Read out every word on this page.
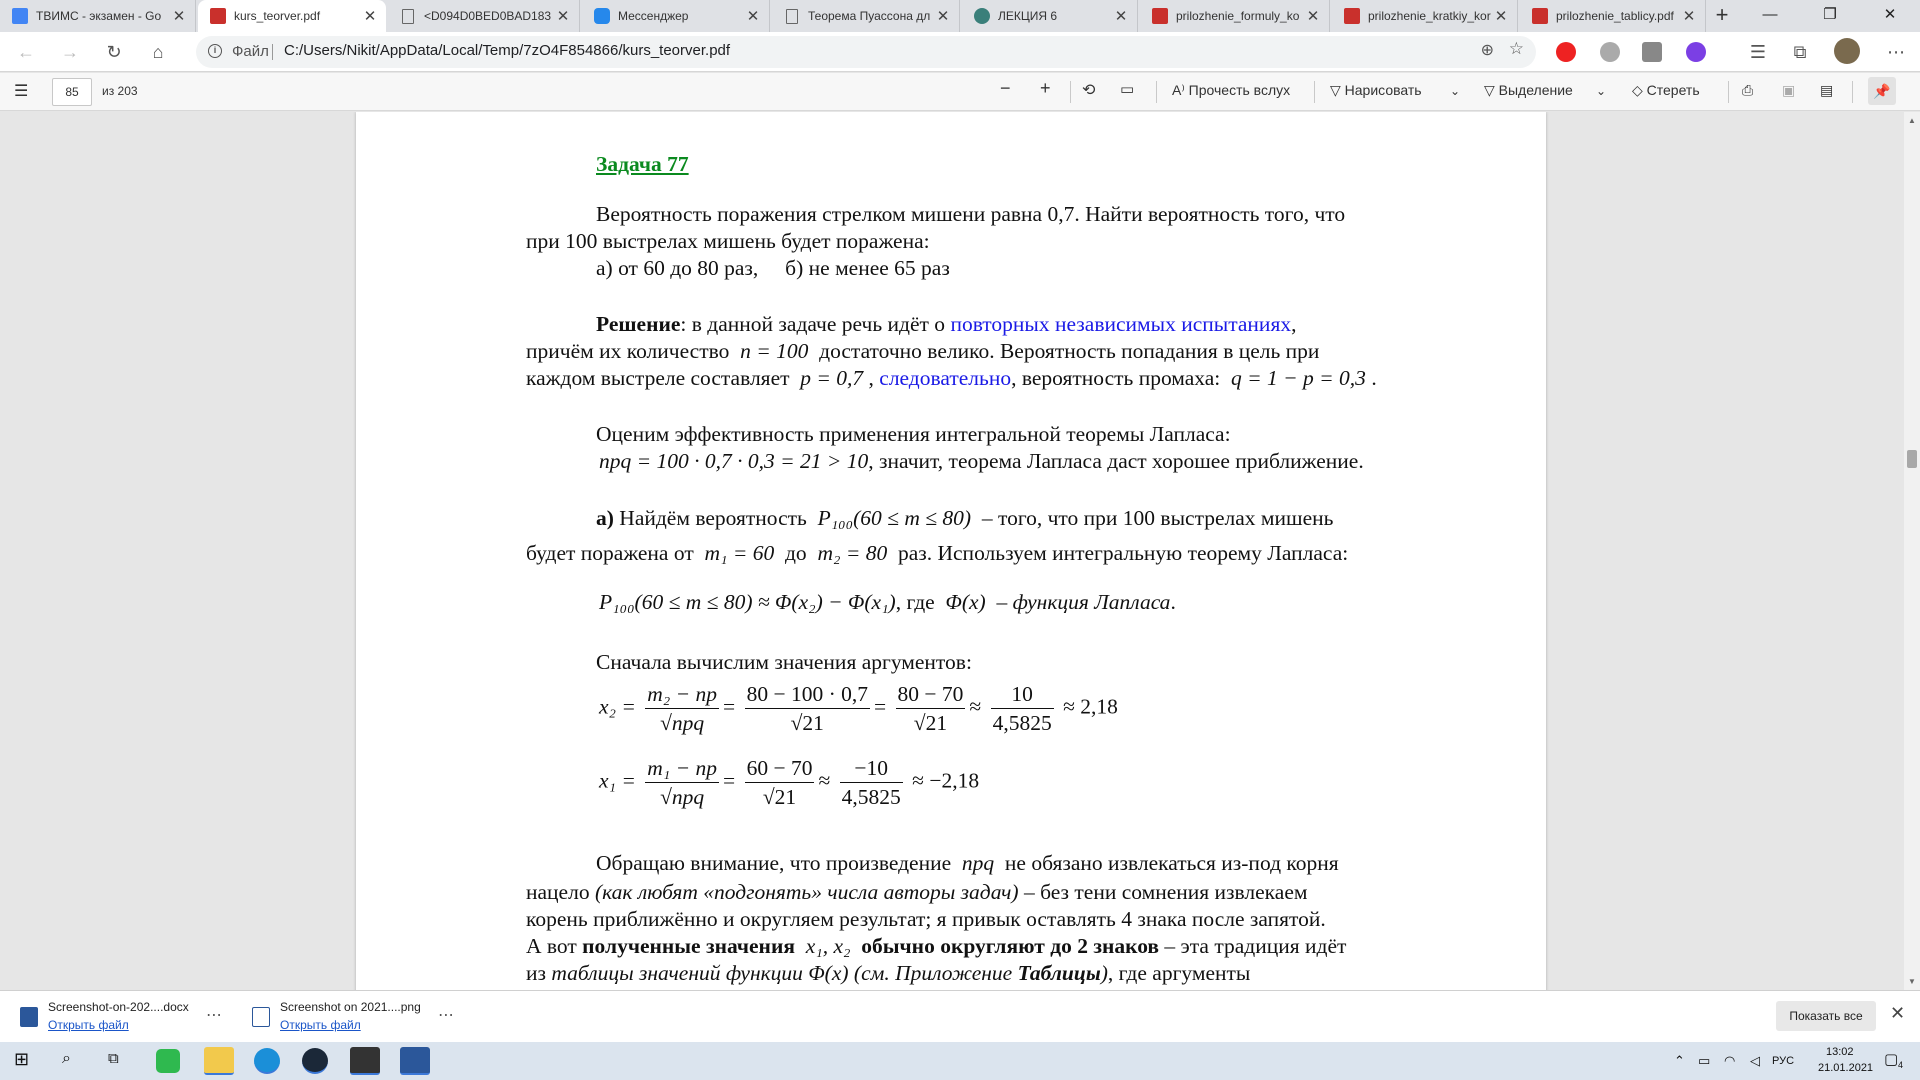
ТВИМС - экзамен - Go ✕	kurs_teorver.pdf	✕	<D094D0BED0BAD183 ✕	Мессенджер	✕	Теорема Пуассона дл ✕	ЛЕКЦИЯ 6	✕	prilozhenie_formuly_ko ✕	prilozhenie_kratkiy_kor ✕	prilozhenie_tablicy.pdf ✕ +	—	❐	✕
← →	↻	⌂	i	Файл C:/Users/Nikit/AppData/Local/Temp/7zO4F854866/kurs_teorver.pdf	⊕ ☆	☰	⧉	⋯
☰	85	из 203	− + ⟲ ▭	A⁾ Прочесть вслух	▽ Нарисовать ⌄ ▽ Выделение ⌄ ◇ Стереть	⎙ ▣ ▤	📌
Задача 77
Вероятность поражения стрелком мишени равна 0,7. Найти вероятность того, что
при 100 выстрелах мишень будет поражена:
а) от 60 до 80 раз, б) не менее 65 раз
Решение: в данной задаче речь идёт о повторных независимых испытаниях,
причём их количество n = 100 достаточно велико. Вероятность попадания в цель при
каждом выстреле составляет p = 0,7 , следовательно, вероятность промаха: q = 1 − p = 0,3 .
Оценим эффективность применения интегральной теоремы Лапласа:
npq = 100 · 0,7 · 0,3 = 21 > 10, значит, теорема Лапласа даст хорошее приближение.
а) Найдём вероятность P₁₀₀(60 ≤ m ≤ 80) – того, что при 100 выстрелах мишень
будет поражена от m₁ = 60 до m₂ = 80 раз. Используем интегральную теорему Лапласа:
P₁₀₀(60 ≤ m ≤ 80) ≈ Φ(x₂) − Φ(x₁), где Φ(x) – функция Лапласа.
Сначала вычислим значения аргументов:
$x_2 = \frac{\text{m₂ − np}}{\text{√npq}} = \frac{80 - 100 \cdot 0,7}{√21} = \frac{80 - 70}{√21} \approx \frac{10}{4,5825} \approx 2,18$
$x_1 = \frac{\text{m₁ − np}}{\text{√npq}} = \frac{60 - 70}{√21} \approx \frac{-10}{4,5825} \approx -2,18$
Обращаю внимание, что произведение npq не обязано извлекаться из-под корня
нацело (как любят «подгонять» числа авторы задач) – без тени сомнения извлекаем
корень приближённо и округляем результат; я привык оставлять 4 знака после запятой.
А вот полученные значения x₁, x₂ обычно округляют до 2 знаков – эта традиция идёт
из таблицы значений функции Φ(x) (см. Приложение Таблицы), где аргументы
▲
▼
Screenshot-on-202....docx
Открыть файл
⋯	Screenshot on 2021....png
Открыть файл
⋯	Показать все	✕
⊞ ⌕ ⧉	⌃ ▭ ◠ ◁ РУС
13:02
21.01.2021 ▢ 4
